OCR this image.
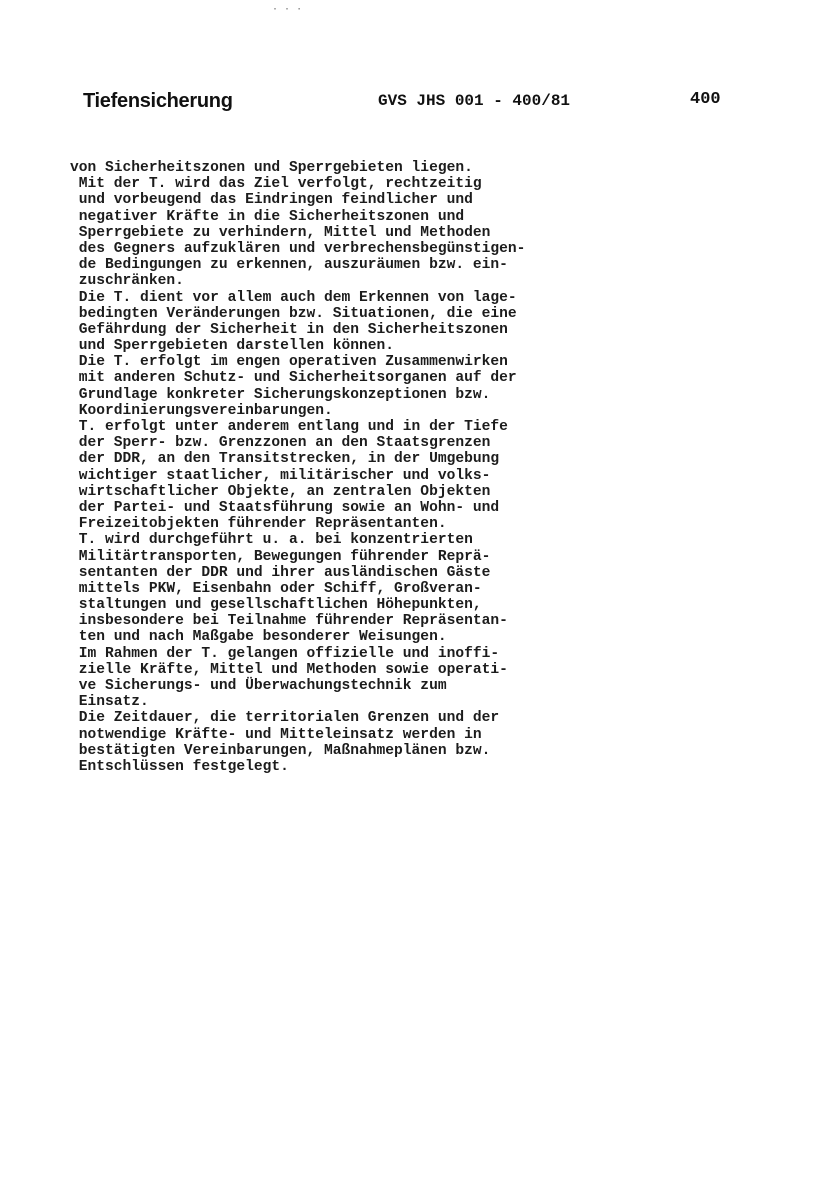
· · ·
Tiefensicherung	GVS JHS 001 - 400/81	400
von Sicherheitszonen und Sperrgebieten liegen.
Mit der T. wird das Ziel verfolgt, rechtzeitig
und vorbeugend das Eindringen feindlicher und
negativer Kräfte in die Sicherheitszonen und
Sperrgebiete zu verhindern, Mittel und Methoden
des Gegners aufzuklären und verbrechensbegünstigen-
de Bedingungen zu erkennen, auszuräumen bzw. ein-
zuschränken.
Die T. dient vor allem auch dem Erkennen von lage-
bedingten Veränderungen bzw. Situationen, die eine
Gefährdung der Sicherheit in den Sicherheitszonen
und Sperrgebieten darstellen können.
Die T. erfolgt im engen operativen Zusammenwirken
mit anderen Schutz- und Sicherheitsorganen auf der
Grundlage konkreter Sicherungskonzeptionen bzw.
Koordinierungsvereinbarungen.
T. erfolgt unter anderem entlang und in der Tiefe
der Sperr- bzw. Grenzzonen an den Staatsgrenzen
der DDR, an den Transitstrecken, in der Umgebung
wichtiger staatlicher, militärischer und volks-
wirtschaftlicher Objekte, an zentralen Objekten
der Partei- und Staatsführung sowie an Wohn- und
Freizeitobjekten führender Repräsentanten.
T. wird durchgeführt u. a. bei konzentrierten
Militärtransporten, Bewegungen führender Reprä-
sentanten der DDR und ihrer ausländischen Gäste
mittels PKW, Eisenbahn oder Schiff, Großveran-
staltungen und gesellschaftlichen Höhepunkten,
insbesondere bei Teilnahme führender Repräsentan-
ten und nach Maßgabe besonderer Weisungen.
Im Rahmen der T. gelangen offizielle und inoffi-
zielle Kräfte, Mittel und Methoden sowie operati-
ve Sicherungs- und Überwachungstechnik zum
Einsatz.
Die Zeitdauer, die territorialen Grenzen und der
notwendige Kräfte- und Mitteleinsatz werden in
bestätigten Vereinbarungen, Maßnahmeplänen bzw.
Entschlüssen festgelegt.
